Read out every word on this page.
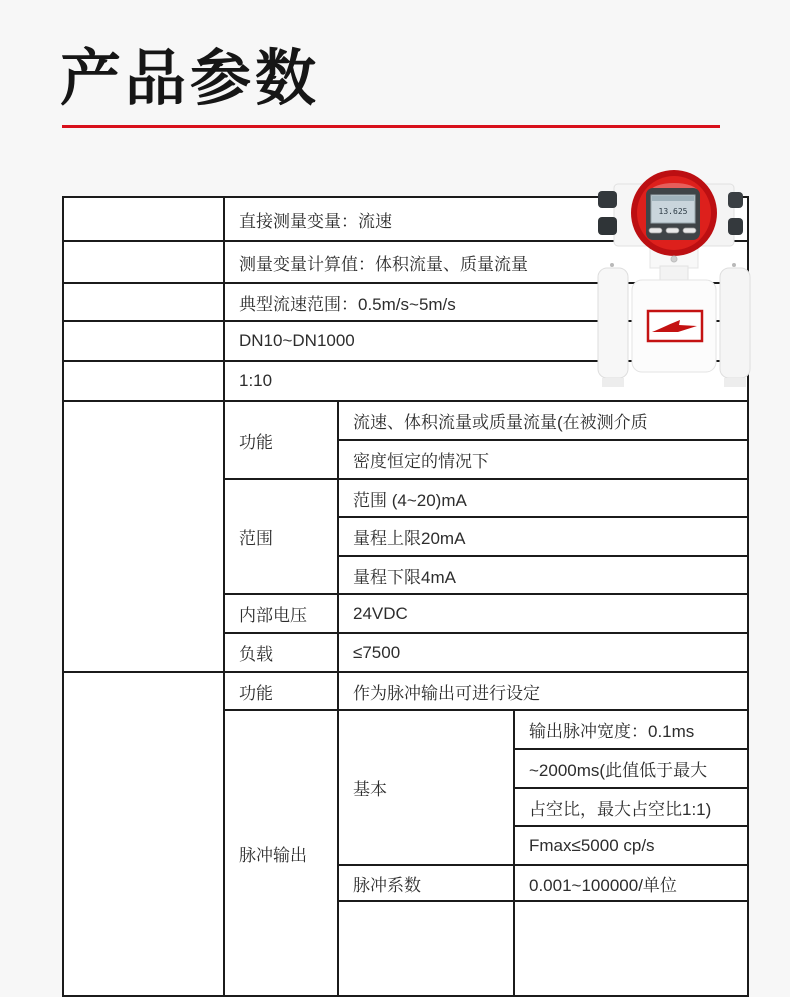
产品参数
测量变量	直接测量变量：流速		
	测量变量计算值：体积流量、质量流量		
流速范围	典型流速范围：0.5m/s~5m/s		
公称口径	DN10~DN1000		
量程比	1:10		
电流输出	功能	流速、体积流量或质量流量(在被测介质	
		密度恒定的情况下	
	范围	范围 (4~20)mA	
		量程上限20mA	
		量程下限4mA	
	内部电压	24VDC	
	负载	≤7500	
脉冲输出	功能	作为脉冲输出可进行设定	
	脉冲输出	基本	输出脉冲宽度：0.1ms
			~2000ms(此值低于最大
			占空比，最大占空比1:1)
			Fmax≤5000 cp/s
		脉冲系数	0.001~100000/单位

13.625
